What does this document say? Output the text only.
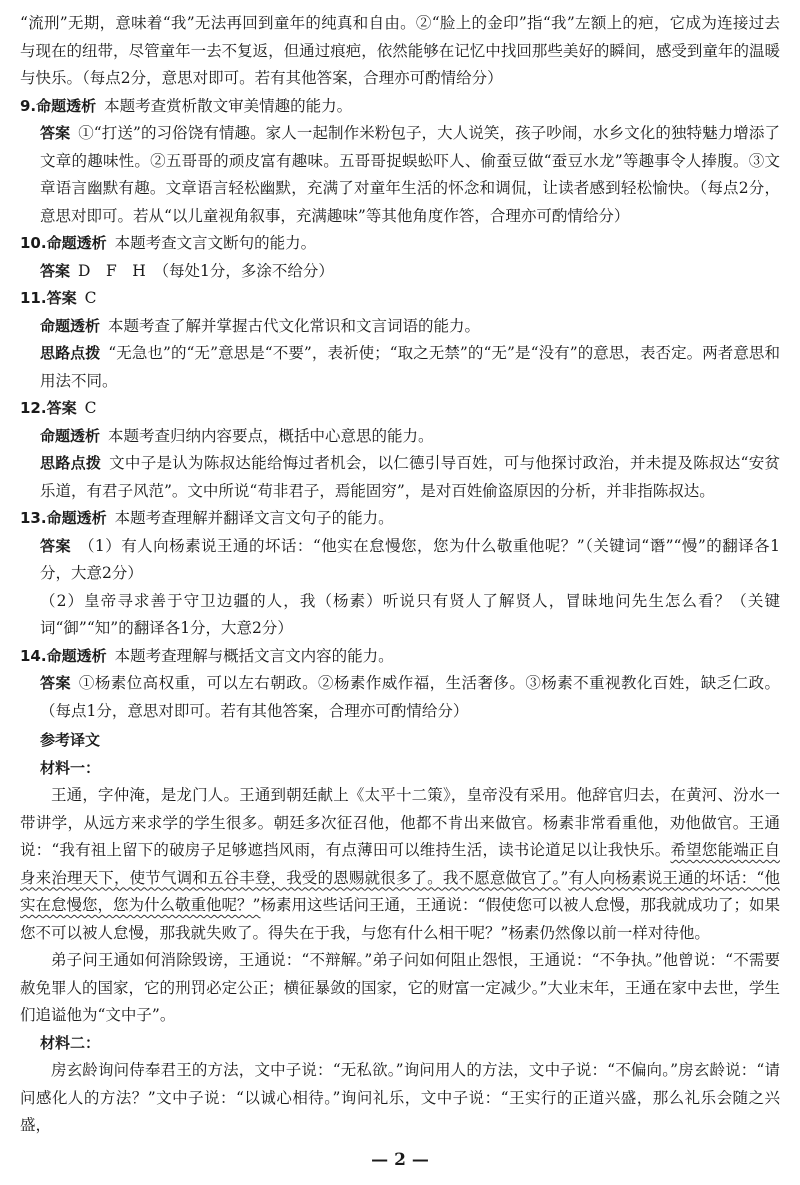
“流刑”无期，意味着“我”无法再回到童年的纯真和自由。②“脸上的金印”指“我”左额上的疤，它成为连接过去与现在的纽带，尽管童年一去不复返，但通过痕疤，依然能够在记忆中找回那些美好的瞬间，感受到童年的温暖与快乐。（每点2分，意思对即可。若有其他答案，合理亦可酌情给分）

9.命题透析 本题考查赏析散文审美情趣的能力。

答案 ①“打送”的习俗饶有情趣。家人一起制作米粉包子，大人说笑，孩子吵闹，水乡文化的独特魅力增添了文章的趣味性。②五哥哥的顽皮富有趣味。五哥哥捉蜈蚣吓人、偷蚕豆做“蚕豆水龙”等趣事令人捧腹。③文章语言幽默有趣。文章语言轻松幽默，充满了对童年生活的怀念和调侃，让读者感到轻松愉快。（每点2分，意思对即可。若从“以儿童视角叙事，充满趣味”等其他角度作答，合理亦可酌情给分）

10.命题透析 本题考查文言文断句的能力。

答案 D　F　H　（每处1分，多涂不给分）

11.答案 C

命题透析 本题考查了解并掌握古代文化常识和文言词语的能力。

思路点拨 “无急也”的“无”意思是“不要”，表祈使；“取之无禁”的“无”是“没有”的意思，表否定。两者意思和用法不同。

12.答案 C

命题透析 本题考查归纳内容要点，概括中心意思的能力。

思路点拨 文中子是认为陈叔达能给悔过者机会，以仁德引导百姓，可与他探讨政治，并未提及陈叔达“安贫乐道，有君子风范”。文中所说“苟非君子，焉能固穷”，是对百姓偷盗原因的分析，并非指陈叔达。

13.命题透析 本题考查理解并翻译文言文句子的能力。

答案 （1）有人向杨素说王通的坏话：“他实在怠慢您，您为什么敬重他呢？”（关键词“谮”“慢”的翻译各1分，大意2分）

（2）皇帝寻求善于守卫边疆的人，我（杨素）听说只有贤人了解贤人，冒昧地问先生怎么看？（关键词“御”“知”的翻译各1分，大意2分）

14.命题透析 本题考查理解与概括文言文内容的能力。

答案 ①杨素位高权重，可以左右朝政。②杨素作威作福，生活奢侈。③杨素不重视教化百姓，缺乏仁政。（每点1分，意思对即可。若有其他答案，合理亦可酌情给分）

参考译文

材料一：

王通，字仲淹，是龙门人。王通到朝廷献上《太平十二策》，皇帝没有采用。他辞官归去，在黄河、汾水一带讲学，从远方来求学的学生很多。朝廷多次征召他，他都不肯出来做官。杨素非常看重他，劝他做官。王通说：“我有祖上留下的破房子足够遮挡风雨，有点薄田可以维持生活，读书论道足以让我快乐。希望您能端正自身来治理天下，使节气调和五谷丰登，我受的恩赐就很多了。我不愿意做官了。”有人向杨素说王通的坏话：“他实在怠慢您，您为什么敬重他呢？”杨素用这些话问王通，王通说：“假使您可以被人怠慢，那我就成功了；如果您不可以被人怠慢，那我就失败了。得失在于我，与您有什么相干呢？”杨素仍然像以前一样对待他。

弟子问王通如何消除毁谤，王通说：“不辩解。”弟子问如何阻止怨恨，王通说：“不争执。”他曾说：“不需要赦免罪人的国家，它的刑罚必定公正；横征暴敛的国家，它的财富一定减少。”大业末年，王通在家中去世，学生们追谥他为“文中子”。

材料二：

房玄龄询问侍奉君王的方法，文中子说：“无私欲。”询问用人的方法，文中子说：“不偏向。”房玄龄说：“请问感化人的方法？”文中子说：“以诚心相待。”询问礼乐，文中子说：“王实行的正道兴盛，那么礼乐会随之兴盛，

— 2 —
